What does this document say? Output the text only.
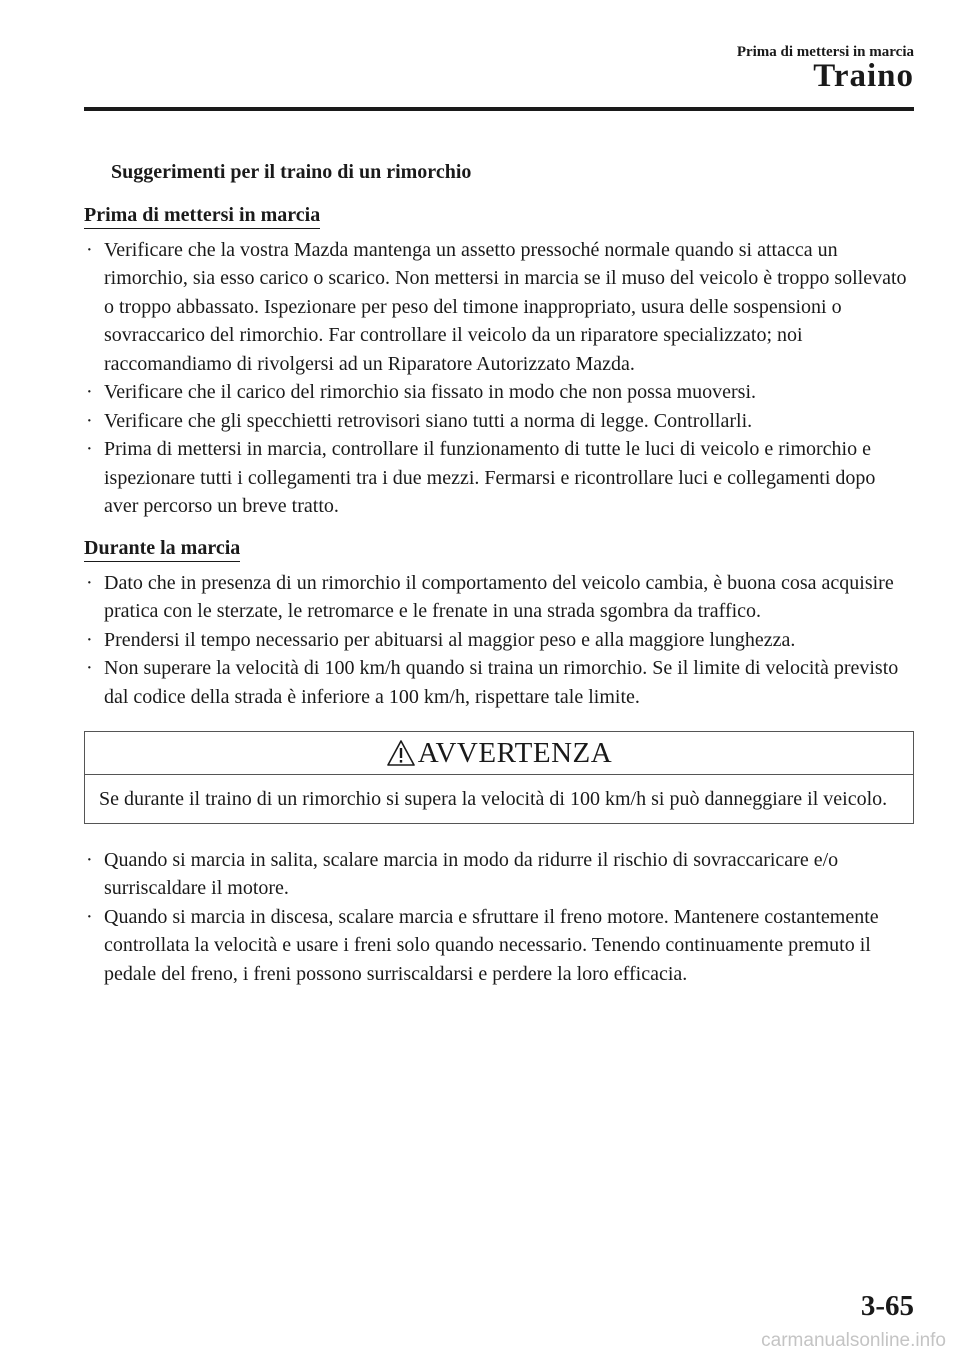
Prima di mettersi in marcia
Traino
Suggerimenti per il traino di un rimorchio
Prima di mettersi in marcia
· Verificare che la vostra Mazda mantenga un assetto pressoché normale quando si attacca un rimorchio, sia esso carico o scarico. Non mettersi in marcia se il muso del veicolo è troppo sollevato o troppo abbassato. Ispezionare per peso del timone inappropriato, usura delle sospensioni o sovraccarico del rimorchio. Far controllare il veicolo da un riparatore specializzato; noi raccomandiamo di rivolgersi ad un Riparatore Autorizzato Mazda.
· Verificare che il carico del rimorchio sia fissato in modo che non possa muoversi.
· Verificare che gli specchietti retrovisori siano tutti a norma di legge. Controllarli.
· Prima di mettersi in marcia, controllare il funzionamento di tutte le luci di veicolo e rimorchio e ispezionare tutti i collegamenti tra i due mezzi. Fermarsi e ricontrollare luci e collegamenti dopo aver percorso un breve tratto.
Durante la marcia
· Dato che in presenza di un rimorchio il comportamento del veicolo cambia, è buona cosa acquisire pratica con le sterzate, le retromarce e le frenate in una strada sgombra da traffico.
· Prendersi il tempo necessario per abituarsi al maggior peso e alla maggiore lunghezza.
· Non superare la velocità di 100 km/h quando si traina un rimorchio. Se il limite di velocità previsto dal codice della strada è inferiore a 100 km/h, rispettare tale limite.
AVVERTENZA
Se durante il traino di un rimorchio si supera la velocità di 100 km/h si può danneggiare il veicolo.
· Quando si marcia in salita, scalare marcia in modo da ridurre il rischio di sovraccaricare e/o surriscaldare il motore.
· Quando si marcia in discesa, scalare marcia e sfruttare il freno motore. Mantenere costantemente controllata la velocità e usare i freni solo quando necessario. Tenendo continuamente premuto il pedale del freno, i freni possono surriscaldarsi e perdere la loro efficacia.
3-65
carmanualsonline.info
